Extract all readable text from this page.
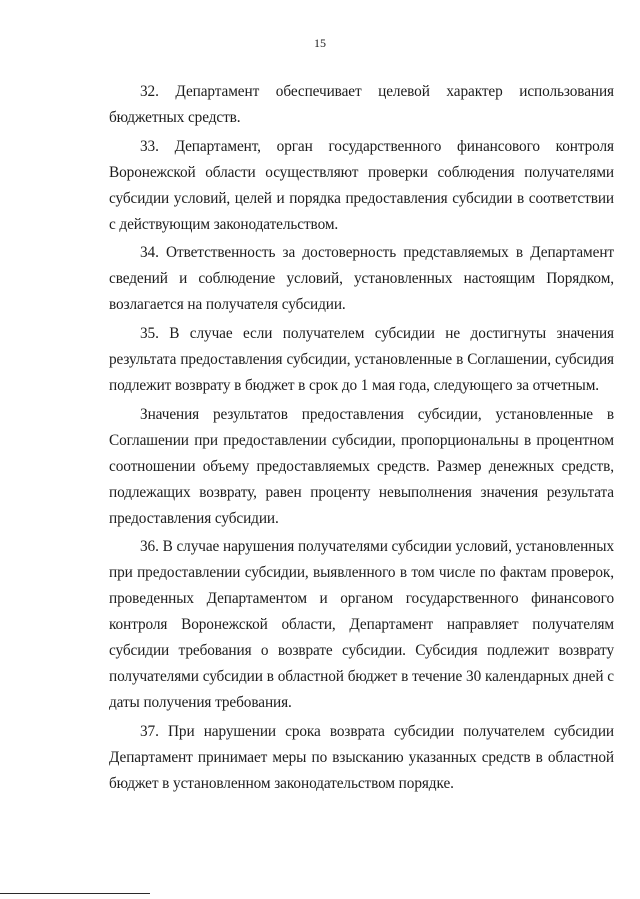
15

32. Департамент обеспечивает целевой характер использования бюджетных средств.

33. Департамент, орган государственного финансового контроля Воронежской области осуществляют проверки соблюдения получателями субсидии условий, целей и порядка предоставления субсидии в соответствии с действующим законодательством.

34. Ответственность за достоверность представляемых в Департамент сведений и соблюдение условий, установленных настоящим Порядком, возлагается на получателя субсидии.

35. В случае если получателем субсидии не достигнуты значения результата предоставления субсидии, установленные в Соглашении, субсидия подлежит возврату в бюджет в срок до 1 мая года, следующего за отчетным.

Значения результатов предоставления субсидии, установленные в Соглашении при предоставлении субсидии, пропорциональны в процентном соотношении объему предоставляемых средств. Размер денежных средств, подлежащих возврату, равен проценту невыполнения значения результата предоставления субсидии.

36. В случае нарушения получателями субсидии условий, установленных при предоставлении субсидии, выявленного в том числе по фактам проверок, проведенных Департаментом и органом государственного финансового контроля Воронежской области, Департамент направляет получателям субсидии требования о возврате субсидии. Субсидия подлежит возврату получателями субсидии в областной бюджет в течение 30 календарных дней с даты получения требования.

37. При нарушении срока возврата субсидии получателем субсидии Департамент принимает меры по взысканию указанных средств в областной бюджет в установленном законодательством порядке.
